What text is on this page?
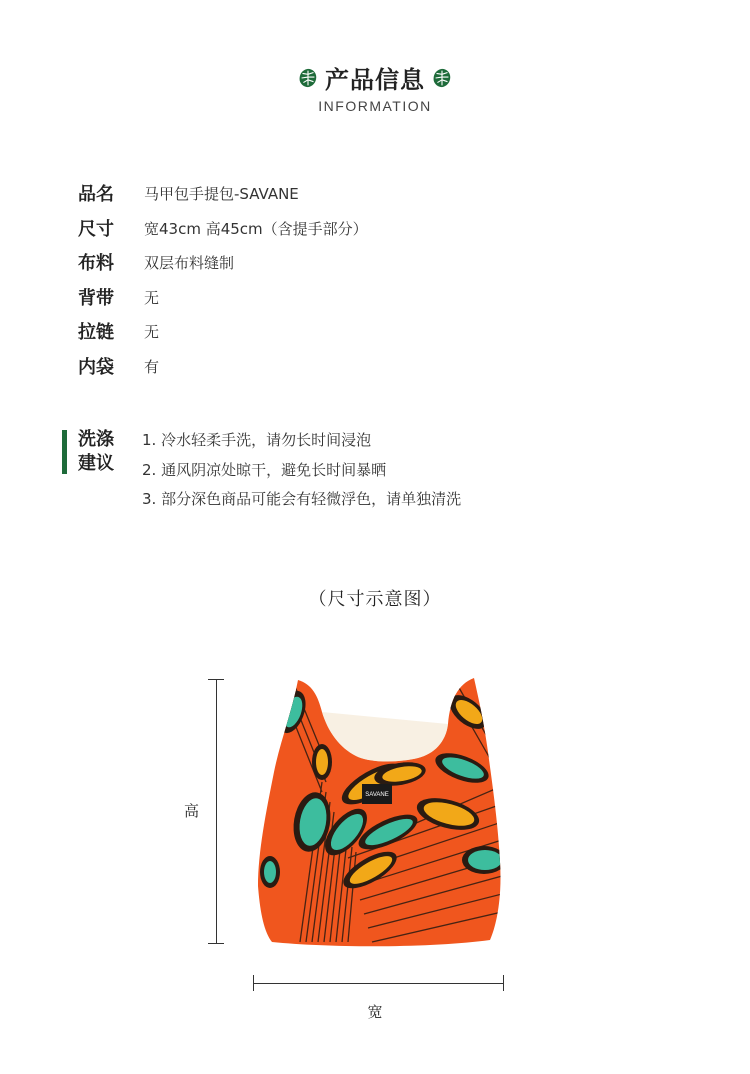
产品信息
INFORMATION
品名	马甲包手提包-SAVANE
尺寸	宽43cm 高45cm（含提手部分）
布料	双层布料缝制
背带	无
拉链	无
内袋	有
洗涤
建议
1. 冷水轻柔手洗，请勿长时间浸泡
2. 通风阴凉处晾干，避免长时间暴晒
3. 部分深色商品可能会有轻微浮色，请单独清洗
（尺寸示意图）
高
SAVANE
宽
